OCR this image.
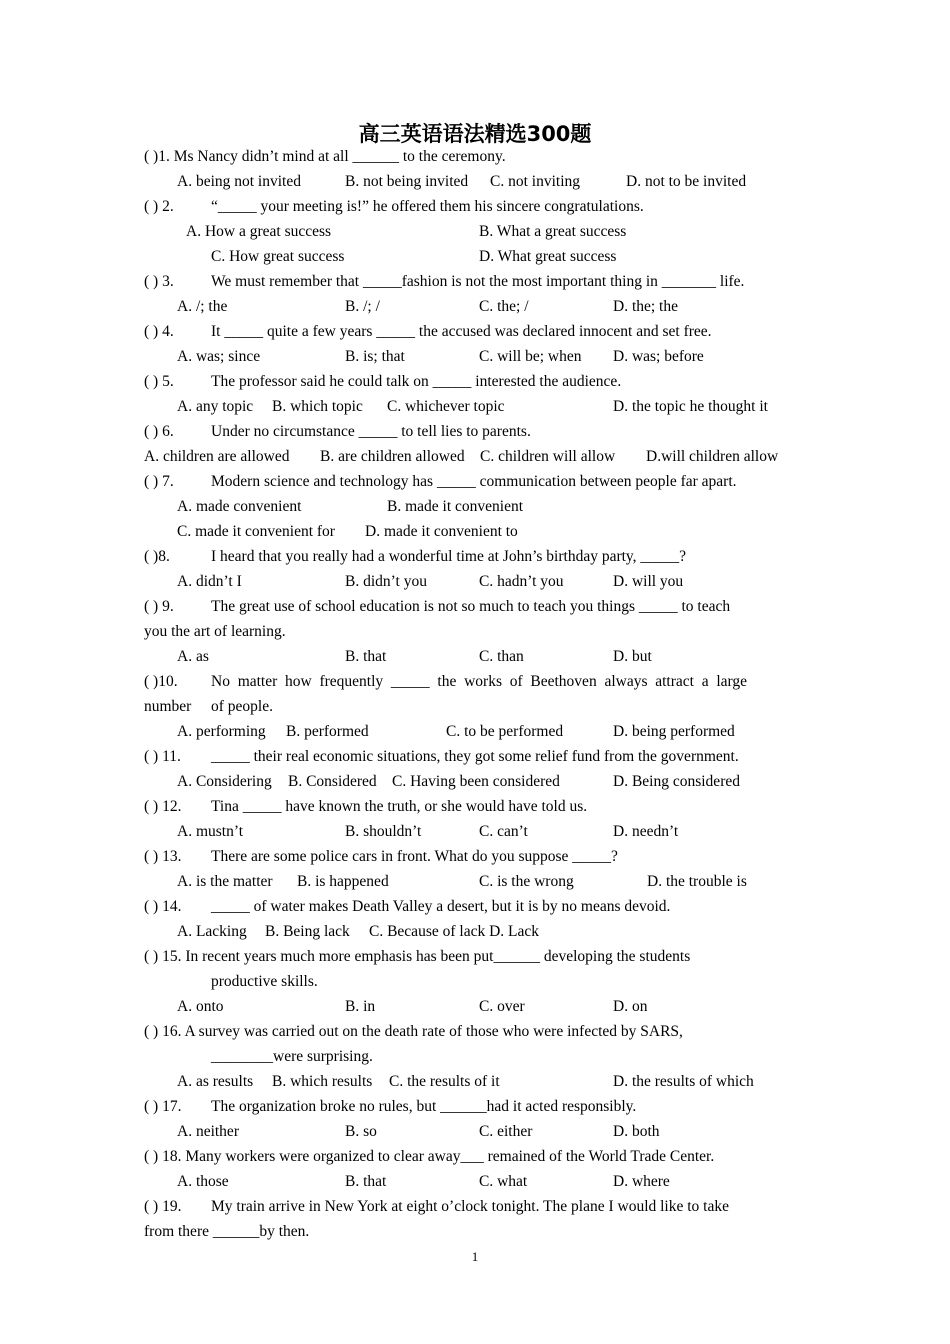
高三英语语法精选300题
( )1. Ms Nancy didn’t mind at all ______ to the ceremony.
A. being not invited	B. not being invited C. not inviting	D. not to be invited
( ) 2. “_____ your meeting is!” he offered them his sincere congratulations.
A. How a great success	B. What a great success
C. How great success	D. What great success
( ) 3. We must remember that _____fashion is not the most important thing in _______ life.
A. /; the	B. /; /	C. the; /	D. the; the
( ) 4. It _____ quite a few years _____ the accused was declared innocent and set free.
A. was; since	B. is; that	C. will be; when D. was; before
( ) 5. The professor said he could talk on _____ interested the audience.
A. any topic B. which topic C. whichever topic	D. the topic he thought it
( ) 6. Under no circumstance _____ to tell lies to parents.
A. children are allowed B. are children allowed C. children will allow D.will children allow
( ) 7. Modern science and technology has _____ communication between people far apart.
A. made convenient	B. made it convenient
C. made it convenient for D. made it convenient to
( )8.	I heard that you really had a wonderful time at John’s birthday party, _____?
A. didn’t I	B. didn’t you	C. hadn’t you	D. will you
( ) 9. The great use of school education is not so much to teach you things _____ to teach
you the art of learning.
A. as	B. that	C. than	D. but
( )10. No  matter  how  frequently  _____  the  works  of  Beethoven  always  attract  a  large
number of people.
A. performing B. performed	C. to be performed	D. being performed
( ) 11. _____ their real economic situations, they got some relief fund from the government.
A. Considering B. Considered C. Having been considered	D. Being considered
( ) 12. Tina _____ have known the truth, or she would have told us.
A. mustn’t	B. shouldn’t	C. can’t	D. needn’t
( ) 13. There are some police cars in front. What do you suppose _____?
A. is the matter B. is happened	C. is the wrong	D. the trouble is
( ) 14. _____ of water makes Death Valley a desert, but it is by no means devoid.
A. Lacking B. Being lack C. Because of lack D. Lack
( ) 15. In recent years much more emphasis has been put______ developing the students
productive skills.
A. onto	B. in	C. over	D. on
( ) 16. A survey was carried out on the death rate of those who were infected by SARS,
________were surprising.
A. as results B. which results C. the results of it	D. the results of which
( ) 17. The organization broke no rules, but ______had it acted responsibly.
A. neither	B. so	C. either	D. both
( ) 18. Many workers were organized to clear away___ remained of the World Trade Center.
A. those	B. that	C. what	D. where
( ) 19. My train arrive in New York at eight o’clock tonight. The plane I would like to take
from there ______by then.
1
